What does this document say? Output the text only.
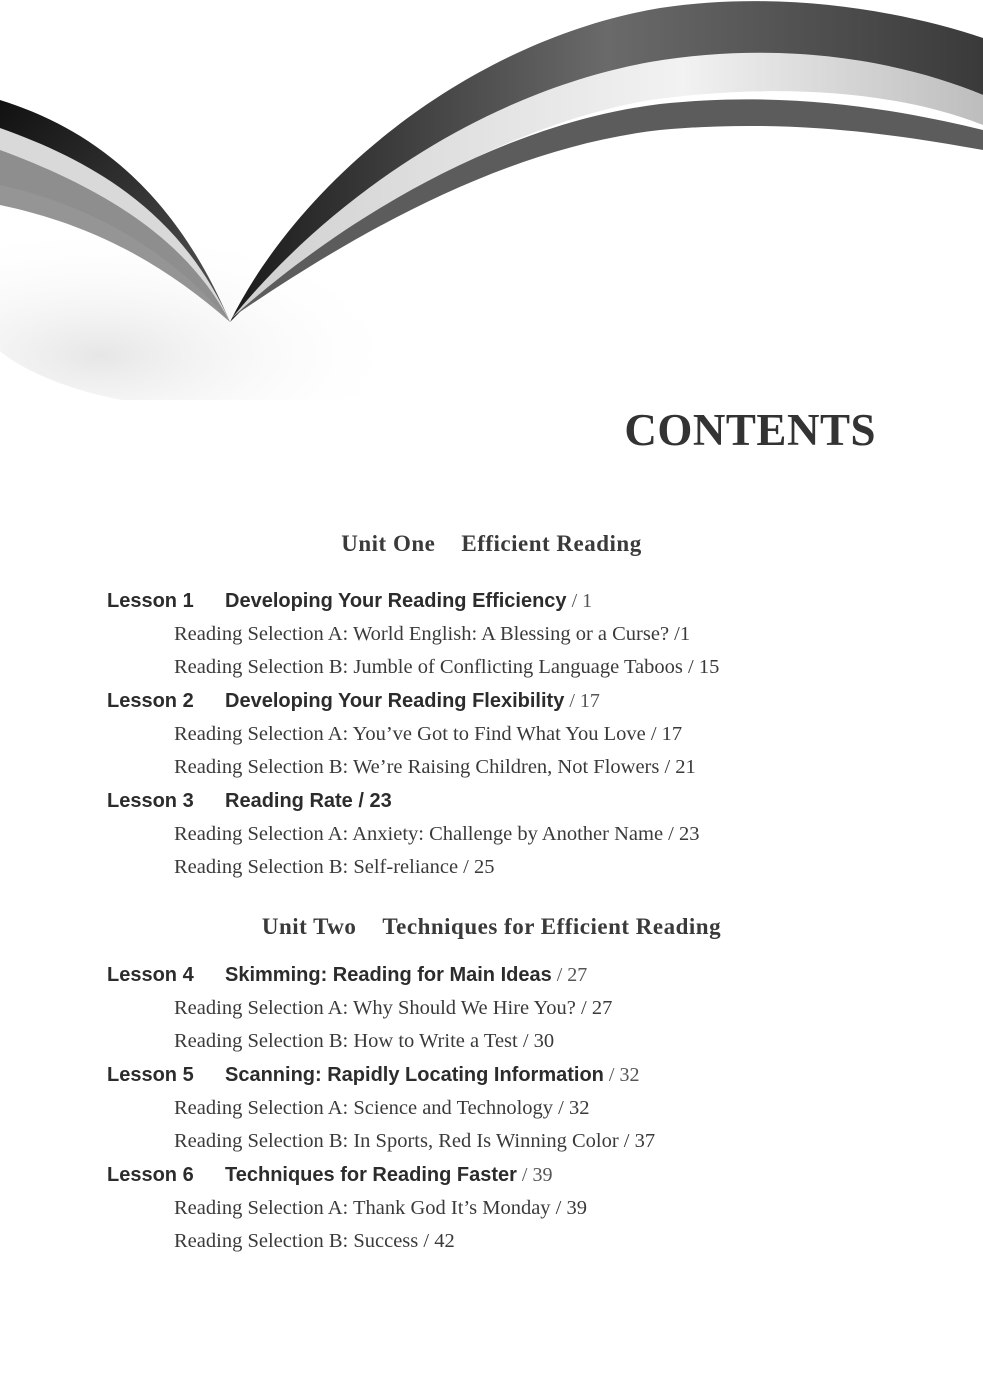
CONTENTS
Unit One Efficient Reading
Lesson 1 Developing Your Reading Efficiency / 1
Reading Selection A: World English: A Blessing or a Curse? /1
Reading Selection B: Jumble of Conflicting Language Taboos / 15
Lesson 2 Developing Your Reading Flexibility / 17
Reading Selection A: You’ve Got to Find What You Love / 17
Reading Selection B: We’re Raising Children, Not Flowers / 21
Lesson 3 Reading Rate / 23
Reading Selection A: Anxiety: Challenge by Another Name / 23
Reading Selection B: Self-reliance / 25
Unit Two Techniques for Efficient Reading
Lesson 4 Skimming: Reading for Main Ideas / 27
Reading Selection A: Why Should We Hire You? / 27
Reading Selection B: How to Write a Test / 30
Lesson 5 Scanning: Rapidly Locating Information / 32
Reading Selection A: Science and Technology / 32
Reading Selection B: In Sports, Red Is Winning Color / 37
Lesson 6 Techniques for Reading Faster / 39
Reading Selection A: Thank God It’s Monday / 39
Reading Selection B: Success / 42
